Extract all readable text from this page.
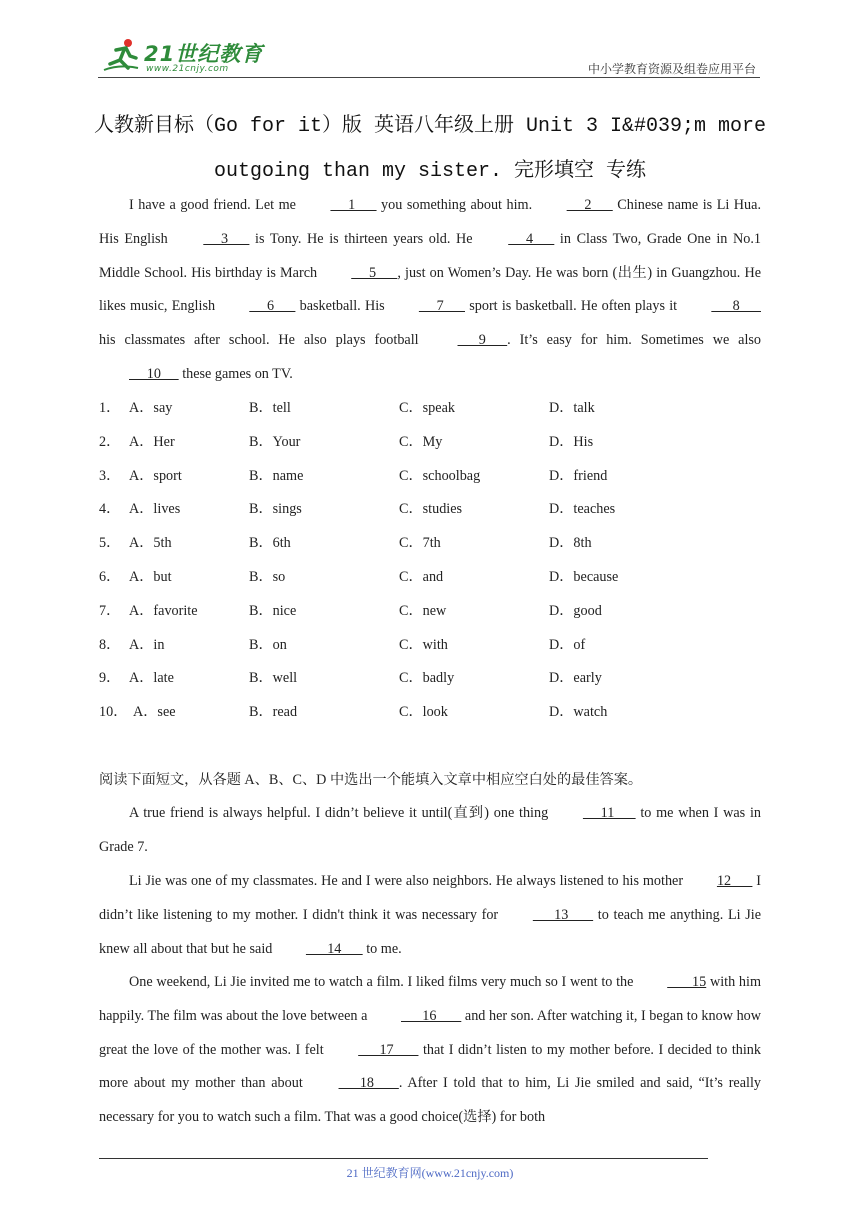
21世纪教育
www.21cnjy.com	中小学教育资源及组卷应用平台
人教新目标（Go for it）版 英语八年级上册 Unit 3 I&#039;m more
outgoing than my sister. 完形填空 专练
I have a good friend. Let me      1       you something about him.      2       Chinese name is Li Hua. His English      3       is Tony. He is thirteen years old. He      4       in Class Two, Grade One in No.1 Middle School. His birthday is March      5      , just on Women’s Day. He was born (出生) in Guangzhou. He likes music, English      6       basketball. His      7       sport is basketball. He often plays it       8       his classmates after school. He also plays football       9      . It’s easy for him. Sometimes we also      10      these games on TV.
1． A．say	B．tell	C．speak	D．talk
2． A．Her	B．Your	C．My	D．His
3． A．sport	B．name	C．schoolbag	D．friend
4． A．lives	B．sings	C．studies	D．teaches
5． A．5th	B．6th	C．7th	D．8th
6． A．but	B．so	C．and	D．because
7． A．favorite	B．nice	C．new	D．good
8． A．in	B．on	C．with	D．of
9． A．late	B．well	C．badly	D．early
10． A．see	B．read	C．look	D．watch
阅读下面短文，从各题 A、B、C、D 中选出一个能填入文章中相应空白处的最佳答案。
A true friend is always helpful. I didn’t believe it until(直到) one thing      11       to me when I was in Grade 7.
Li Jie was one of my classmates. He and I were also neighbors. He always listened to his mother 12       I didn’t like listening to my mother. I didn't think it was necessary for       13        to teach me anything. Li Jie knew all about that but he said       14       to me.
One weekend, Li Jie invited me to watch a film. I liked films very much so I went to the        15 with him happily. The film was about the love between a       16        and her son. After watching it, I began to know how great the love of the mother was. I felt       17        that I didn’t listen to my mother before. I decided to think more about my mother than about       18       . After I told that to him, Li Jie smiled and said, “It’s really necessary for you to watch such a film. That was a good choice(选择) for both
21 世纪教育网(www.21cnjy.com)
